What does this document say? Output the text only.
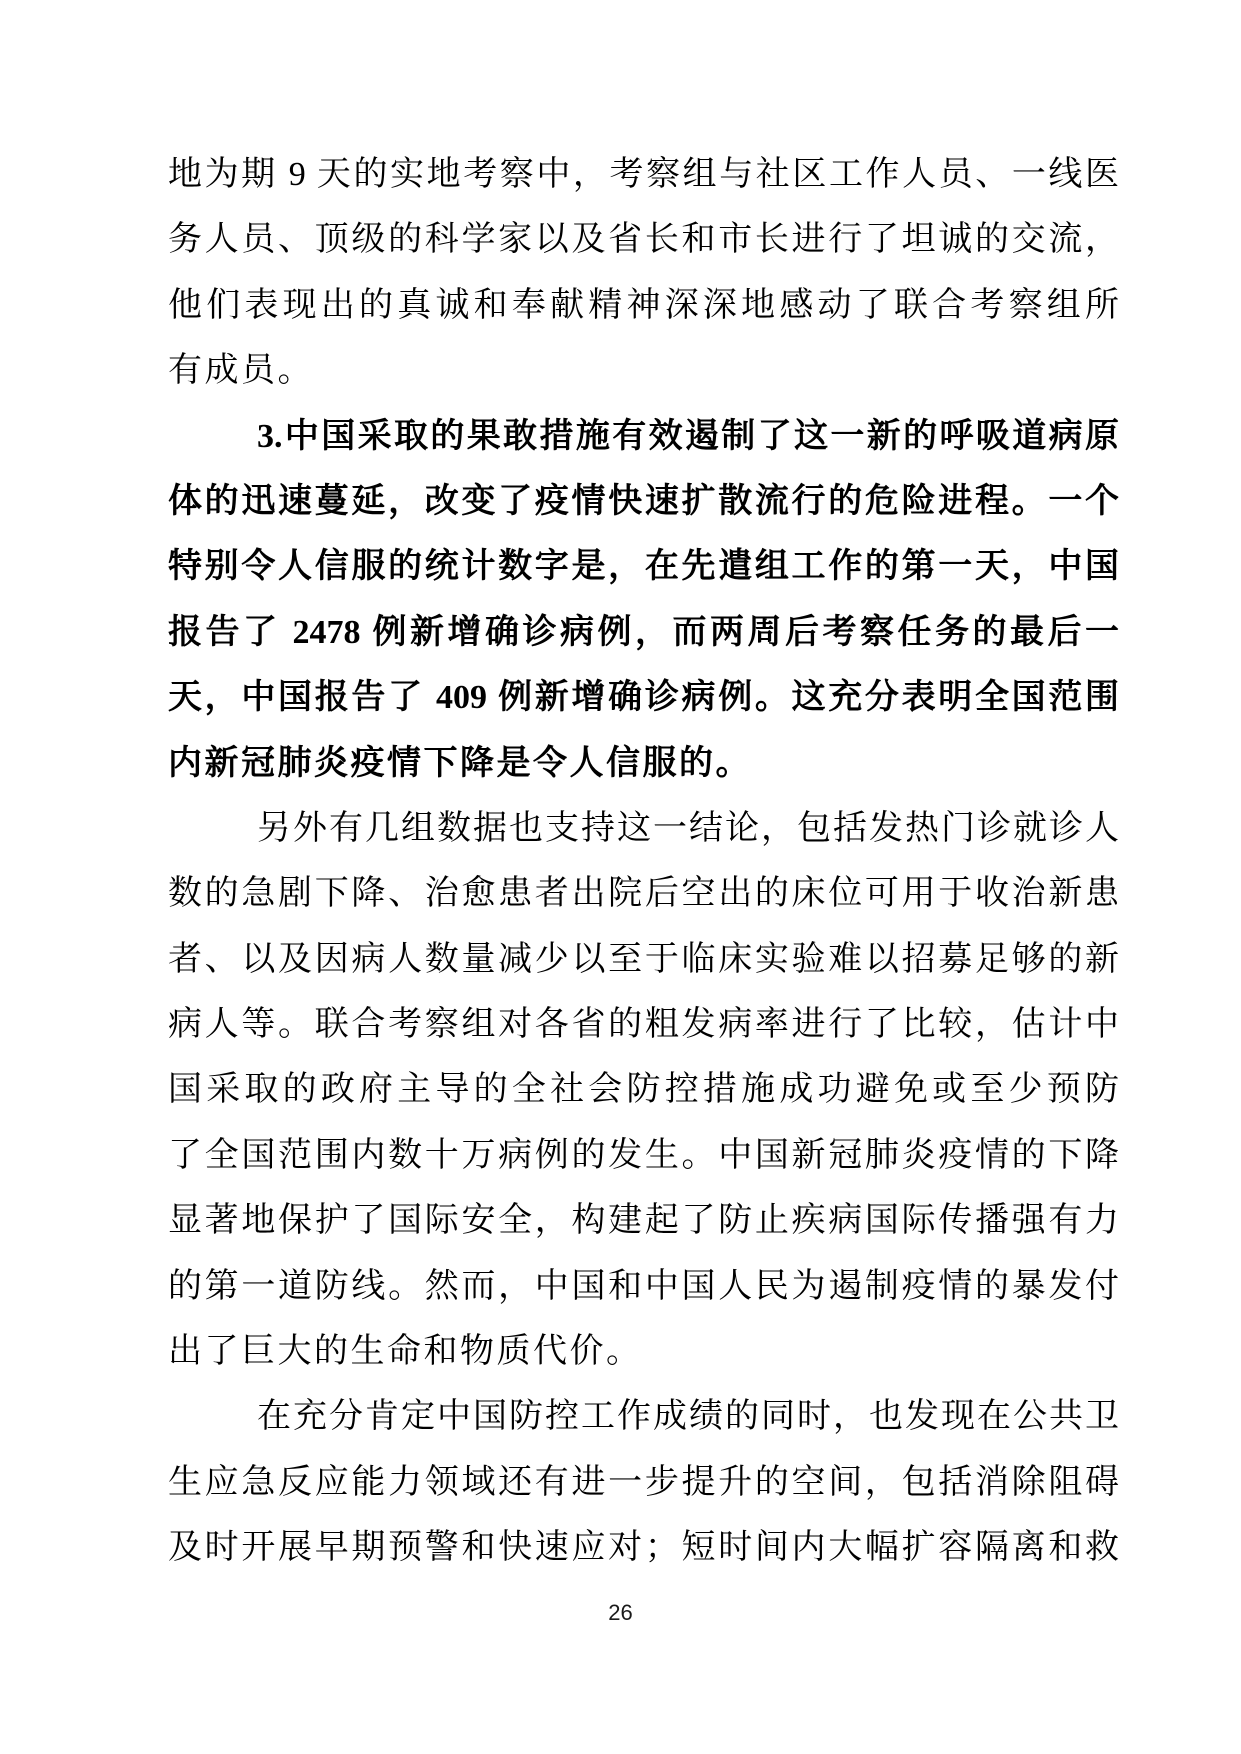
地为期 9 天的实地考察中，考察组与社区工作人员、一线医
务人员、顶级的科学家以及省长和市长进行了坦诚的交流，
他们表现出的真诚和奉献精神深深地感动了联合考察组所
有成员。
3.中国采取的果敢措施有效遏制了这一新的呼吸道病原
体的迅速蔓延，改变了疫情快速扩散流行的危险进程。一个
特别令人信服的统计数字是，在先遣组工作的第一天，中国
报告了 2478 例新增确诊病例，而两周后考察任务的最后一
天，中国报告了 409 例新增确诊病例。这充分表明全国范围
内新冠肺炎疫情下降是令人信服的。
另外有几组数据也支持这一结论，包括发热门诊就诊人
数的急剧下降、治愈患者出院后空出的床位可用于收治新患
者、以及因病人数量减少以至于临床实验难以招募足够的新
病人等。联合考察组对各省的粗发病率进行了比较，估计中
国采取的政府主导的全社会防控措施成功避免或至少预防
了全国范围内数十万病例的发生。中国新冠肺炎疫情的下降
显著地保护了国际安全，构建起了防止疾病国际传播强有力
的第一道防线。然而，中国和中国人民为遏制疫情的暴发付
出了巨大的生命和物质代价。
在充分肯定中国防控工作成绩的同时，也发现在公共卫
生应急反应能力领域还有进一步提升的空间，包括消除阻碍
及时开展早期预警和快速应对；短时间内大幅扩容隔离和救
26
